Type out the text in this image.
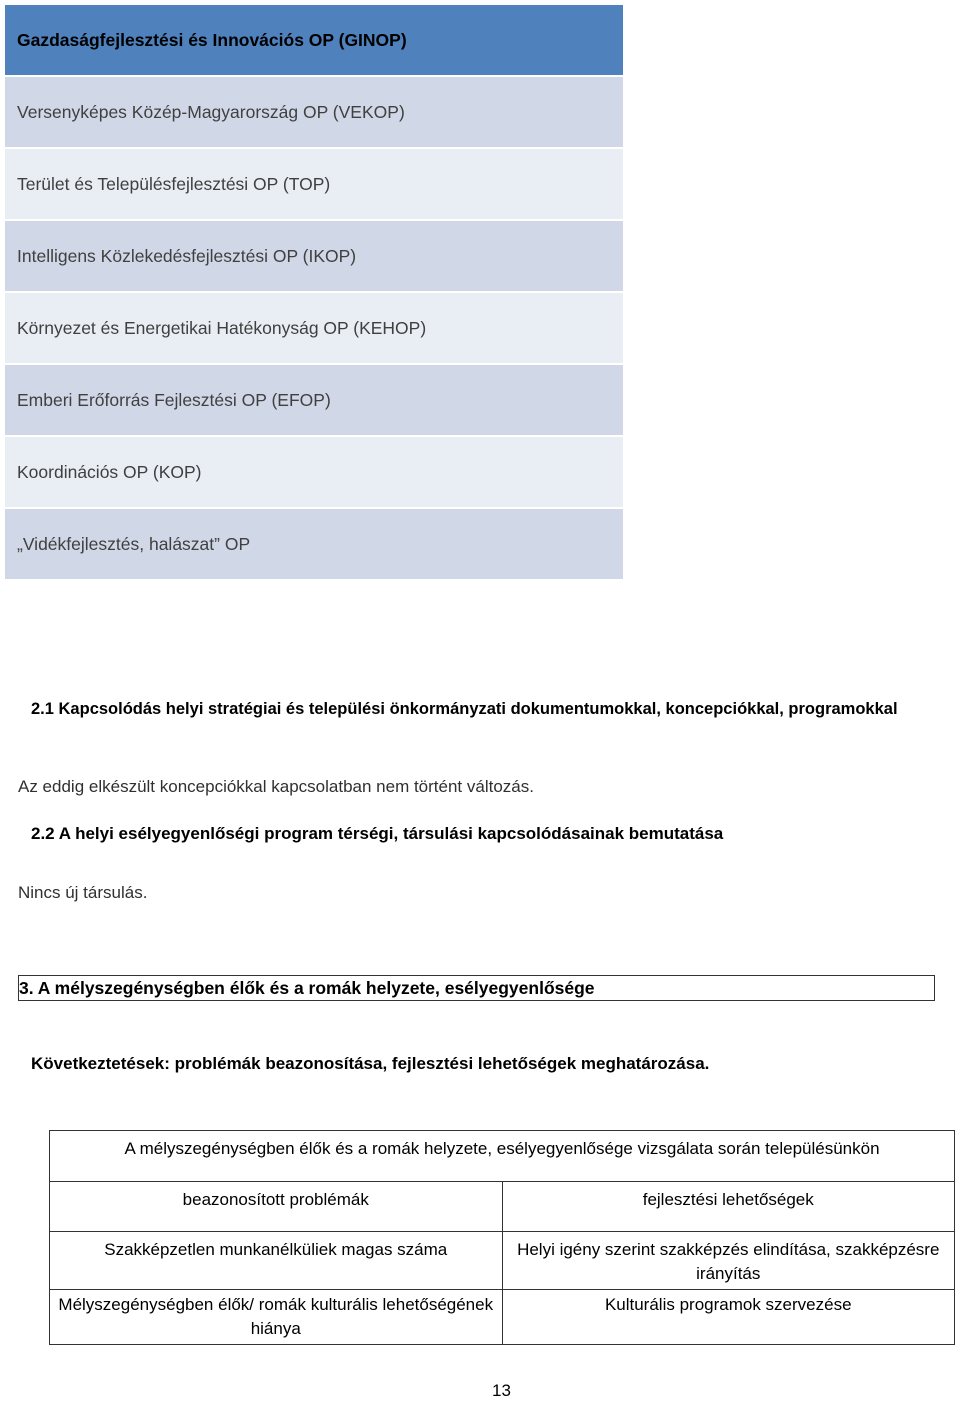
Gazdaságfejlesztési és Innovációs OP (GINOP)
Versenyképes Közép-Magyarország OP (VEKOP)
Terület és Településfejlesztési OP (TOP)
Intelligens Közlekedésfejlesztési OP (IKOP)
Környezet és Energetikai Hatékonyság OP (KEHOP)
Emberi Erőforrás Fejlesztési OP (EFOP)
Koordinációs OP (KOP)
„Vidékfejlesztés, halászat” OP
2.1 Kapcsolódás helyi stratégiai és települési önkormányzati dokumentumokkal, koncepciókkal, programokkal
Az eddig elkészült koncepciókkal kapcsolatban nem történt változás.
2.2 A helyi esélyegyenlőségi program térségi, társulási kapcsolódásainak bemutatása
Nincs új társulás.
3. A mélyszegénységben élők és a romák helyzete, esélyegyenlősége
Következtetések: problémák beazonosítása, fejlesztési lehetőségek meghatározása.
A mélyszegénységben élők és a romák helyzete, esélyegyenlősége vizsgálata során településünkön	
beazonosított problémák	fejlesztési lehetőségek
Szakképzetlen munkanélküliek magas száma	Helyi igény szerint szakképzés elindítása, szakképzésre irányítás
Mélyszegénységben élők/ romák kulturális lehetőségének hiánya	Kulturális programok szervezése
13
